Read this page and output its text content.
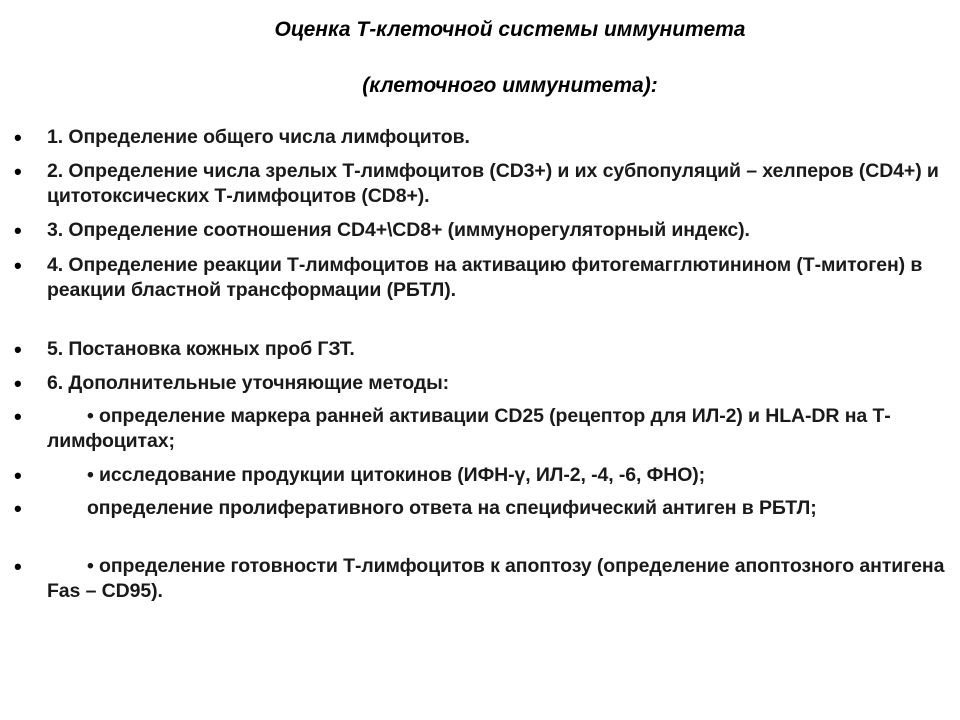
Оценка Т-клеточной системы иммунитета
(клеточного иммунитета):
• 1. Определение общего числа лимфоцитов.
• 2. Определение числа зрелых Т-лимфоцитов (CD3+) и их субпопуляций – хелперов (CD4+) и цитотоксических Т-лимфоцитов (CD8+).
• 3. Определение соотношения CD4+\CD8+ (иммунорегуляторный индекс).
• 4. Определение реакции Т-лимфоцитов на активацию фитогемагглютинином (Т-митоген) в реакции бластной трансформации (РБТЛ).
• 5. Постановка кожных проб ГЗТ.
• 6. Дополнительные уточняющие методы:
•	• определение маркера ранней активации CD25 (рецептор для ИЛ-2) и HLA-DR на Т-лимфоцитах;
•	• исследование продукции цитокинов (ИФН-γ, ИЛ-2, -4, -6, ФНО);
•	определение пролиферативного ответа на специфический антиген в РБТЛ;
•	• определение готовности Т-лимфоцитов к апоптозу (определение апоптозного антигена Fas – CD95).
